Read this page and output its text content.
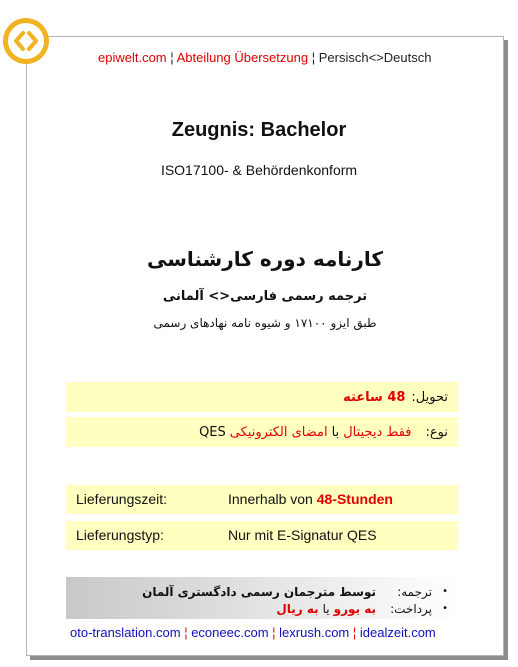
epiwelt.com ¦ Abteilung Übersetzung ¦ Persisch<>Deutsch
Zeugnis: Bachelor
ISO17100- & Behördenkonform
کارنامه دوره کارشناسی
ترجمه رسمی فارسی<> آلمانی
طبق ایزو ۱۷۱۰۰ و شیوه نامه نهادهای رسمی
تحویل:
48 ساعته
نوع:
فقط دیجیتال
با
امضای الکترونیکی
QES
Lieferungszeit:	Innerhalb von 48-Stunden
Lieferungstyp:	Nur mit E-Signatur QES
•
ترجمه:
توسط مترجمان رسمی دادگستری آلمان
•
پرداخت:
به یورو
یا
به ریال
oto-translation.com ¦ econeec.com ¦ lexrush.com ¦ idealzeit.com
